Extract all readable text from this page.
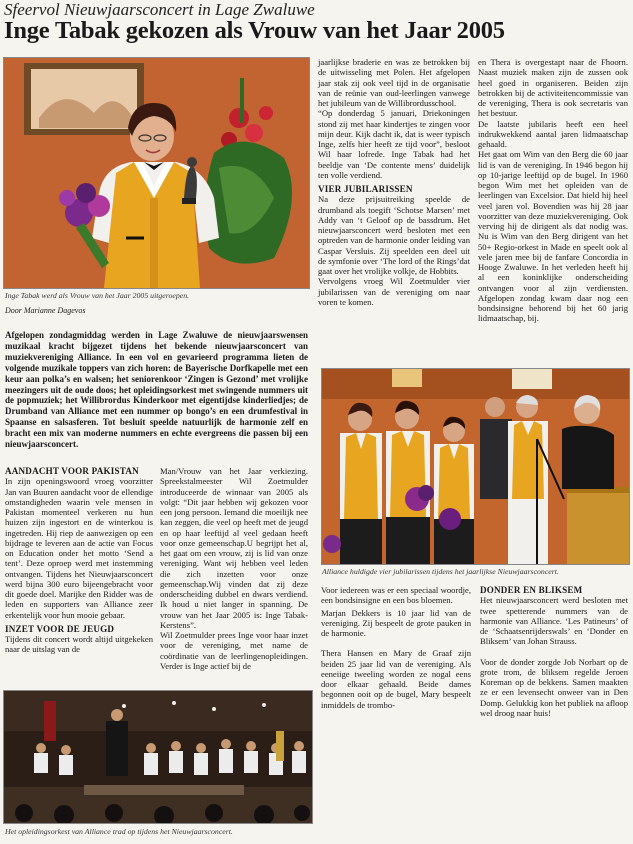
Sfeervol Nieuwjaarsconcert in Lage Zwaluwe
Inge Tabak gekozen als Vrouw van het Jaar 2005
Inge Tabak werd als Vrouw van het Jaar 2005 uitgeroepen.
Door Marianne Dagevos
Afgelopen zondagmiddag werden in Lage Zwaluwe de nieuwjaarswensen muzikaal kracht bijgezet tijdens het bekende nieuwjaarsconcert van muziekvereniging Alliance. In een vol en gevarieerd programma lieten de volgende muzikale toppers van zich horen: de Bayerische Dorfkapelle met een keur aan polka’s en walsen; het seniorenkoor ‘Zingen is Gezond’ met vrolijke meezingers uit de oude doos; het opleidingsorkest met swingende nummers uit de popmuziek; het Willibrordus Kinderkoor met eigentijdse kinderliedjes; de Drumband van Alliance met een nummer op bongo’s en een drumfestival in Spaanse en salsasferen. Tot besluit speelde natuurlijk de harmonie zelf en bracht een mix van moderne nummers en echte evergreens die passen bij een nieuwjaarsconcert.

AANDACHT VOOR PAKISTAN

In zijn openingswoord vroeg voorzitter Jan van Buuren aandacht voor de ellendige omstandigheden waarin vele mensen in Pakistan momenteel verkeren nu hun huizen zijn ingestort en de winterkou is ingetreden. Hij riep de aanwezigen op een bijdrage te leveren aan de actie van Focus on Education onder het motto ‘Send a tent’. Deze oproep werd met instemming ontvangen. Tijdens het Nieuwjaarsconcert werd bijna 300 euro bijeengebracht voor dit goede doel. Marijke den Ridder was de leden en supporters van Alliance zeer erkentelijk voor hun mooie gebaar.

INZET VOOR DE JEUGD

Tijdens dit concert wordt altijd uitgekeken naar de uitslag van de

Man/Vrouw van het Jaar verkiezing. Spreekstalmeester Wil Zoetmulder introduceerde de winnaar van 2005 als volgt: “Dit jaar hebben wij gekozen voor een jong persoon. Iemand die moeilijk nee kan zeggen, die veel op heeft met de jeugd en op haar leeftijd al veel gedaan heeft voor onze gemeenschap.U begrijpt het al, het gaat om een vrouw, zij is lid van onze vereniging. Want wij hebben veel leden die zich inzetten voor onze gemeenschap.Wij vinden dat zij deze onderscheiding dubbel en dwars verdiend. Ik houd u niet langer in spanning. De vrouw van het Jaar 2005 is: Inge Tabak-Kerstens”.

Wil Zoetmulder prees Inge voor haar inzet voor de vereniging, met name de coördinatie van de leerlingenopleidingen. Verder is Inge actief bij de

Het opleidingsorkest van Alliance trad op tijdens het Nieuwjaarsconcert.

jaarlijkse braderie en was ze betrokken bij de uitwisseling met Polen. Het afgelopen jaar stak zij ook veel tijd in de organisatie van de reünie van oud-leerlingen vanwege het jubileum van de Willibrordusschool.

“Op donderdag 5 januari, Driekoningen stond zij met haar kindertjes te zingen voor mijn deur. Kijk dacht ik, dat is weer typisch Inge, zelfs hier heeft ze tijd voor”, besloot Wil haar lofrede. Inge Tabak had het beeldje van ‘De contente mens’ duidelijk ten volle verdiend.

VIER JUBILARISSEN

Na deze prijsuitreiking speelde de drumband als toegift ‘Schotse Marsen’ met Addy van ‘t Geloof op de bassdrum. Het nieuwjaarsconcert werd besloten met een optreden van de harmonie onder leiding van Caspar Versluis. Zij speelden een deel uit de symfonie over ‘The lord of the Rings’dat gaat over het vrolijke volkje, de Hobbits.

Vervolgens vroeg Wil Zoetmulder vier jubilarissen van de vereniging om naar voren te komen.

en Thera is overgestapt naar de Fhoorn. Naast muziek maken zijn de zussen ook heel goed in organiseren. Beiden zijn betrokken bij de activiteitencommissie van de vereniging, Thera is ook secretaris van het bestuur.

De laatste jubilaris heeft een heel indrukwekkend aantal jaren lidmaatschap gehaald.

Het gaat om Wim van den Berg die 60 jaar lid is van de vereniging. In 1946 begon hij op 10-jarige leeftijd op de bugel. In 1960 begon Wim met het opleiden van de leerlingen van Excelsior. Dat hield hij heel veel jaren vol. Bovendien was hij 28 jaar voorzitter van deze muziekvereniging. Ook verving hij de dirigent als dat nodig was. Nu is Wim van den Berg dirigent van het 50+ Regio-orkest in Made en speelt ook al vele jaren mee bij de fanfare Concordia in Hooge Zwaluwe. In het verleden heeft hij al een koninklijke onderscheiding ontvangen voor al zijn verdiensten. Afgelopen zondag kwam daar nog een bondsinsigne behorend bij het 60 jarig lidmaatschap, bij.

Alliance huldigde vier jubilarissen tijdens het jaarlijkse Nieuwjaarsconcert.

Voor iedereen was er een speciaal woordje, een bondsinsigne en een bos bloemen.

Marjan Dekkers is 10 jaar lid van de vereniging. Zij bespeelt de grote pauken in de harmonie.

Thera Hansen en Mary de Graaf zijn beiden 25 jaar lid van de vereniging. Als eeneiige tweeling worden ze nogal eens door elkaar gehaald. Beide dames begonnen ooit op de bugel, Mary bespeelt inmiddels de trombo-

DONDER EN BLIKSEM

Het nieuwjaarsconcert werd besloten met twee spetterende nummers van de harmonie van Alliance. ‘Les Patineurs’ of de ‘Schaatsenrijderswals’ en ‘Donder en Bliksem’ van Johan Strauss.

Voor de donder zorgde Job Norbart op de grote trom, de bliksem regelde Jeroen Koreman op de bekkens. Samen maakten ze er een levensecht onweer van in Den Domp. Gelukkig kon het publiek na afloop wel droog naar huis!
